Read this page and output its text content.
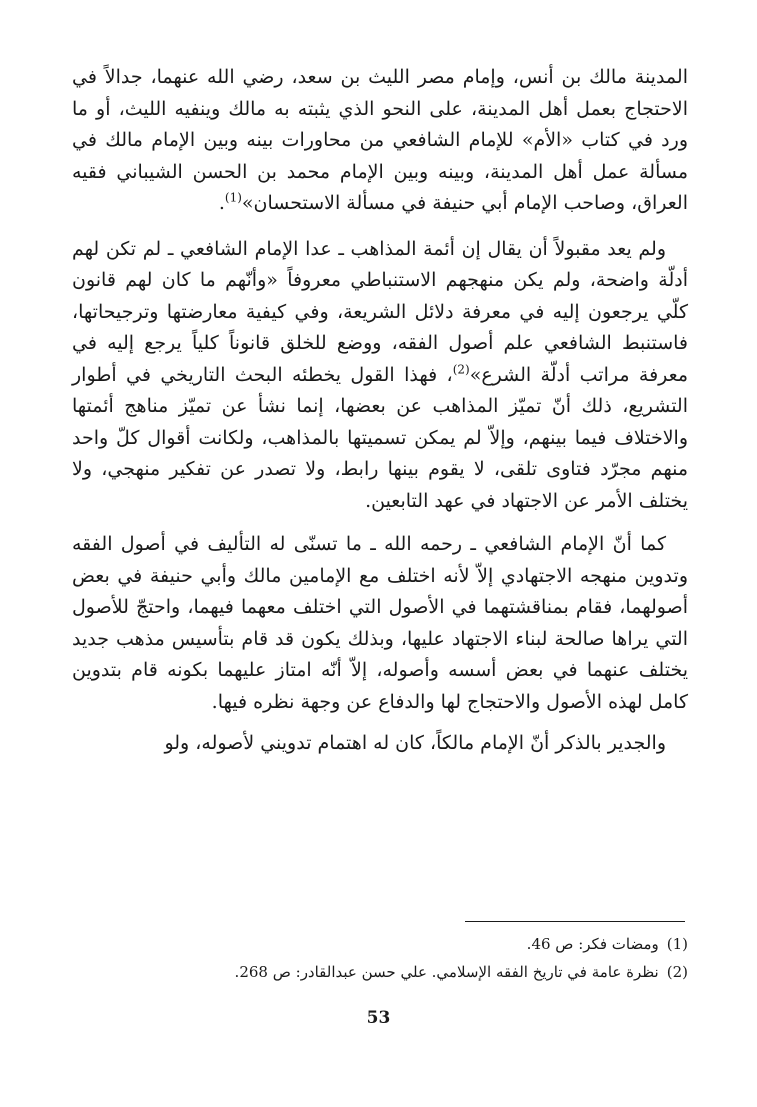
المدينة مالك بن أنس، وإمام مصر الليث بن سعد، رضي الله عنهما، جدالاً في الاحتجاج بعمل أهل المدينة، على النحو الذي يثبته به مالك وينفيه الليث، أو ما ورد في كتاب «الأم» للإمام الشافعي من محاورات بينه وبين الإمام مالك في مسألة عمل أهل المدينة، وبينه وبين الإمام محمد بن الحسن الشيباني فقيه العراق، وصاحب الإمام أبي حنيفة في مسألة الاستحسان»$^{(1)}$.

ولم يعد مقبولاً أن يقال إن أئمة المذاهب ـ عدا الإمام الشافعي ـ لم تكن لهم أدلّة واضحة، ولم يكن منهجهم الاستنباطي معروفاً «وأنّهم ما كان لهم قانون كلّي يرجعون إليه في معرفة دلائل الشريعة، وفي كيفية معارضتها وترجيحاتها، فاستنبط الشافعي علم أصول الفقه، ووضع للخلق قانوناً كلياً يرجع إليه في معرفة مراتب أدلّة الشرع»$^{(2)}$، فهذا القول يخطئه البحث التاريخي في أطوار التشريع، ذلك أنّ تميّز المذاهب عن بعضها، إنما نشأ عن تميّز مناهج أئمتها والاختلاف فيما بينهم، وإلاّ لم يمكن تسميتها بالمذاهب، ولكانت أقوال كلّ واحد منهم مجرّد فتاوى تلقى، لا يقوم بينها رابط، ولا تصدر عن تفكير منهجي، ولا يختلف الأمر عن الاجتهاد في عهد التابعين.

كما أنّ الإمام الشافعي ـ رحمه الله ـ ما تسنّى له التأليف في أصول الفقه وتدوين منهجه الاجتهادي إلاّ لأنه اختلف مع الإمامين مالك وأبي حنيفة في بعض أصولهما، فقام بمناقشتهما في الأصول التي اختلف معهما فيهما، واحتجّ للأصول التي يراها صالحة لبناء الاجتهاد عليها، وبذلك يكون قد قام بتأسيس مذهب جديد يختلف عنهما في بعض أسسه وأصوله، إلاّ أنّه امتاز عليهما بكونه قام بتدوين كامل لهذه الأصول والاحتجاج لها والدفاع عن وجهة نظره فيها.

والجدير بالذكر أنّ الإمام مالكاً، كان له اهتمام تدويني لأصوله، ولو

(1)ومضات فكر: ص 46.

(2)نظرة عامة في تاريخ الفقه الإسلامي. علي حسن عبدالقادر: ص 268.

53
